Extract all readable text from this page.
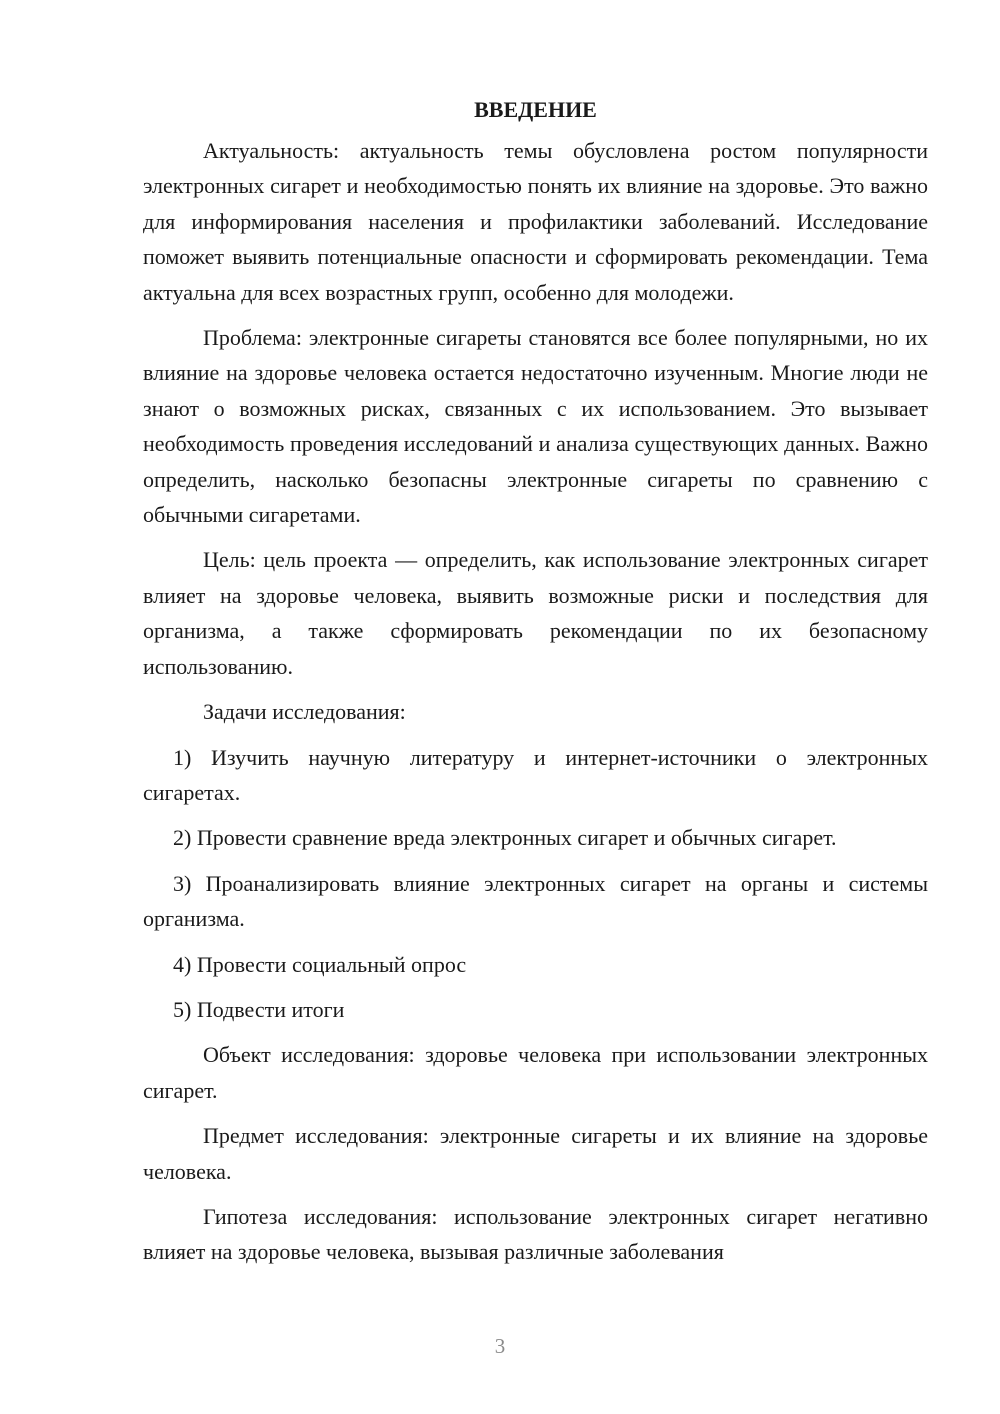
ВВЕДЕНИЕ

Актуальность: актуальность темы обусловлена ростом популярности электронных сигарет и необходимостью понять их влияние на здоровье. Это важно для информирования населения и профилактики заболеваний. Исследование поможет выявить потенциальные опасности и сформировать рекомендации. Тема актуальна для всех возрастных групп, особенно для молодежи.

Проблема: электронные сигареты становятся все более популярными, но их влияние на здоровье человека остается недостаточно изученным. Многие люди не знают о возможных рисках, связанных с их использованием. Это вызывает необходимость проведения исследований и анализа существующих данных. Важно определить, насколько безопасны электронные сигареты по сравнению с обычными сигаретами.

Цель: цель проекта — определить, как использование электронных сигарет влияет на здоровье человека, выявить возможные риски и последствия для организма, а также сформировать рекомендации по их безопасному использованию.

Задачи исследования:

1) Изучить научную литературу и интернет-источники о электронных сигаретах.

2) Провести сравнение вреда электронных сигарет и обычных сигарет.

3) Проанализировать влияние электронных сигарет на органы и системы организма.

4) Провести социальный опрос

5) Подвести итоги

Объект исследования: здоровье человека при использовании электронных сигарет.

Предмет исследования: электронные сигареты и их влияние на здоровье человека.

Гипотеза исследования: использование электронных сигарет негативно влияет на здоровье человека, вызывая различные заболевания

3
